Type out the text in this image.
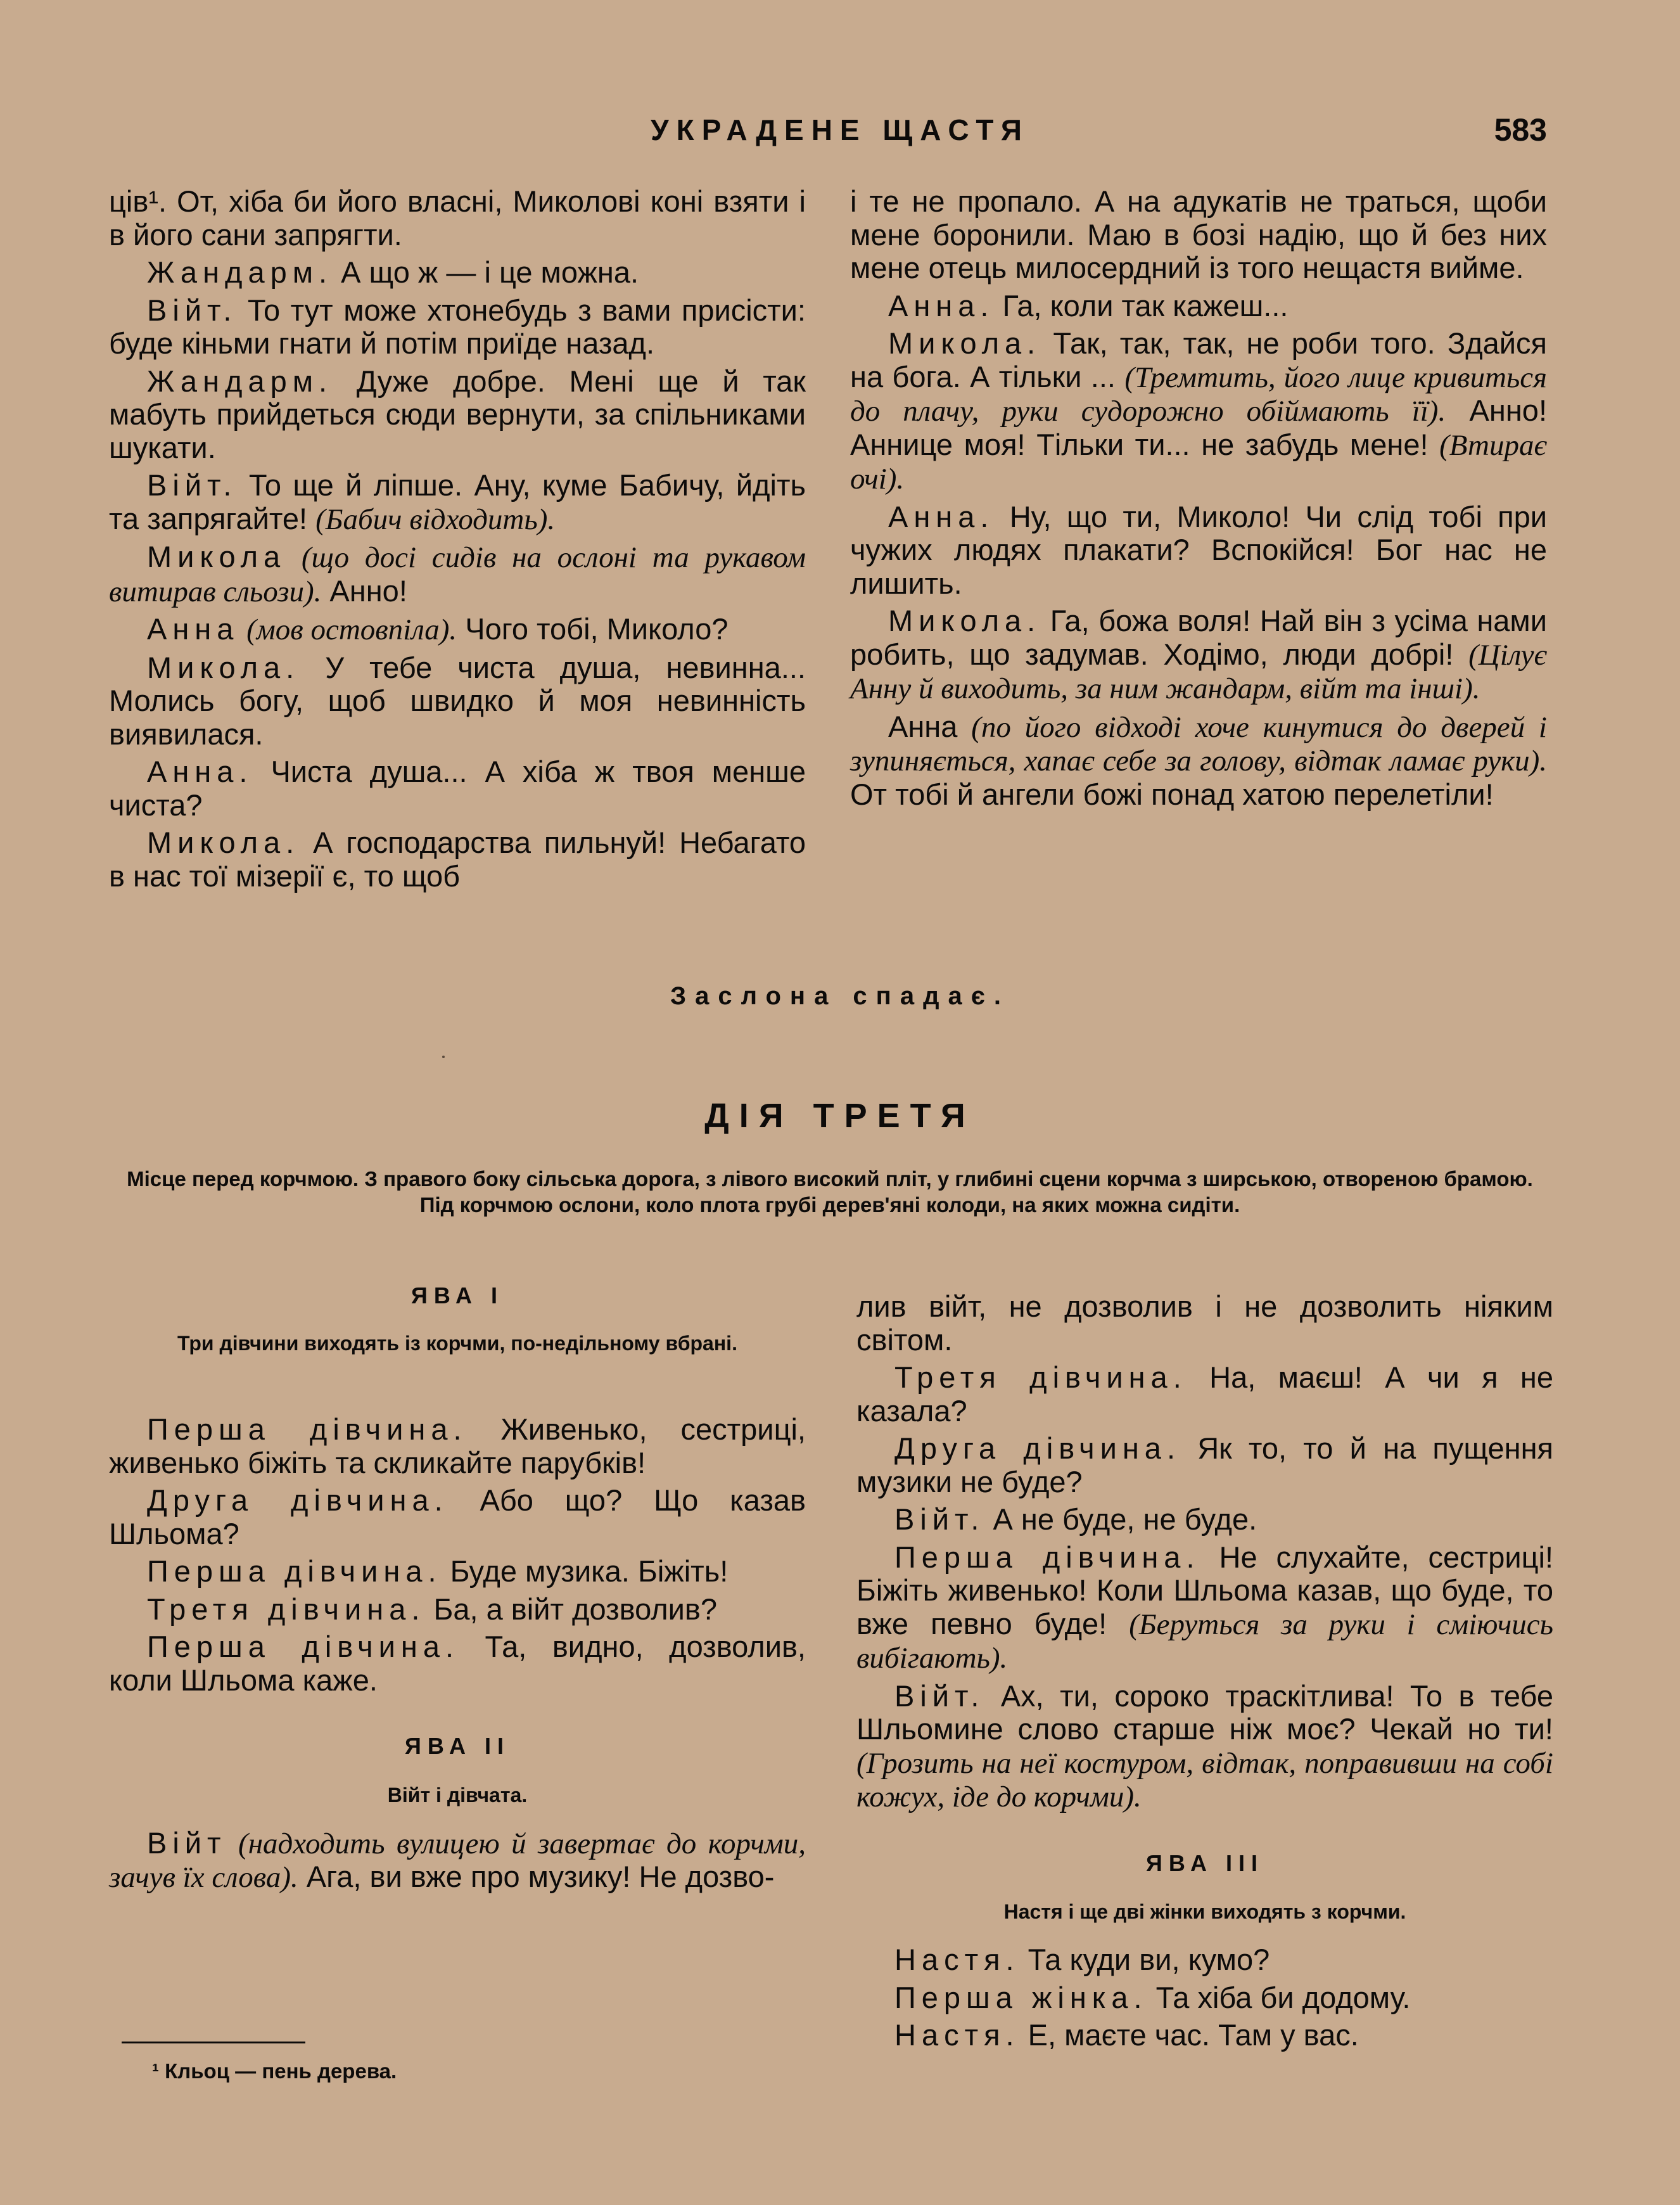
УКРАДЕНЕ ЩАСТЯ	583

ців¹. От, хіба би його власні, Миколові коні взяти і в його сани запрягти.

Жандарм. А що ж — і це можна.

Війт. То тут може хтонебудь з вами присісти: буде кіньми гнати й потім приїде назад.

Жандарм. Дуже добре. Мені ще й так мабуть прийдеться сюди вернути, за спільниками шукати.

Війт. То ще й ліпше. Ану, куме Бабичу, йдіть та запрягайте! (Бабич відходить).

Микола (що досі сидів на ослоні та рукавом витирав сльози). Анно!

Анна (мов остовпіла). Чого тобі, Миколо?

Микола. У тебе чиста душа, невинна... Молись богу, щоб швидко й моя невинність виявилася.

Анна. Чиста душа... А хіба ж твоя менше чиста?

Микола. А господарства пильнуй! Небагато в нас тої мізерії є, то щоб

і те не пропало. А на адукатів не траться, щоби мене боронили. Маю в бозі надію, що й без них мене отець милосердний із того нещастя вийме.

Анна. Га, коли так кажеш...

Микола. Так, так, так, не роби того. Здайся на бога. А тільки ... (Тремтить, його лице кривиться до плачу, руки судорожно обіймають її). Анно! Аннице моя! Тільки ти... не забудь мене! (Втирає очі).

Анна. Ну, що ти, Миколо! Чи слід тобі при чужих людях плакати? Вспокійся! Бог нас не лишить.

Микола. Га, божа воля! Най він з усіма нами робить, що задумав. Ходімо, люди добрі! (Цілує Анну й виходить, за ним жандарм, війт та інші).

Анна (по його відході хоче кинутися до дверей і зупиняється, хапає себе за голову, відтак ламає руки). От тобі й ангели божі понад хатою перелетіли!

Заслона спадає.
ДІЯ ТРЕТЯ
Місце перед корчмою. З правого боку сільська дорога, з лівого високий пліт, у глибині сцени корчма з ширською, отвореною брамою. Під корчмою ослони, коло плота грубі дерев'яні колоди, на яких можна сидіти.
ЯВА І
Три дівчини виходять із корчми, по-недільному вбрані.

Перша дівчина. Живенько, сестриці, живенько біжіть та скликайте парубків!

Друга дівчина. Або що? Що казав Шльома?

Перша дівчина. Буде музика. Біжіть!

Третя дівчина. Ба, а війт дозволив?

Перша дівчина. Та, видно, дозволив, коли Шльома каже.

ЯВА ІІ
Війт і дівчата.

Війт (надходить вулицею й завертає до корчми, зачув їх слова). Ага, ви вже про музику! Не дозво-

лив війт, не дозволив і не дозволить ніяким світом.

Третя дівчина. На, маєш! А чи я не казала?

Друга дівчина. Як то, то й на пущення музики не буде?

Війт. А не буде, не буде.

Перша дівчина. Не слухайте, сестриці! Біжіть живенько! Коли Шльома казав, що буде, то вже певно буде! (Беруться за руки і сміючись вибігають).

Війт. Ах, ти, сороко траскітлива! То в тебе Шльомине слово старше ніж моє? Чекай но ти! (Грозить на неї костуром, відтак, поправивши на собі кожух, іде до корчми).

ЯВА ІІІ
Настя і ще дві жінки виходять з корчми.

Настя. Та куди ви, кумо?

Перша жінка. Та хіба би додому.

Настя. Е, маєте час. Там у вас.

¹ Кльоц — пень дерева.
